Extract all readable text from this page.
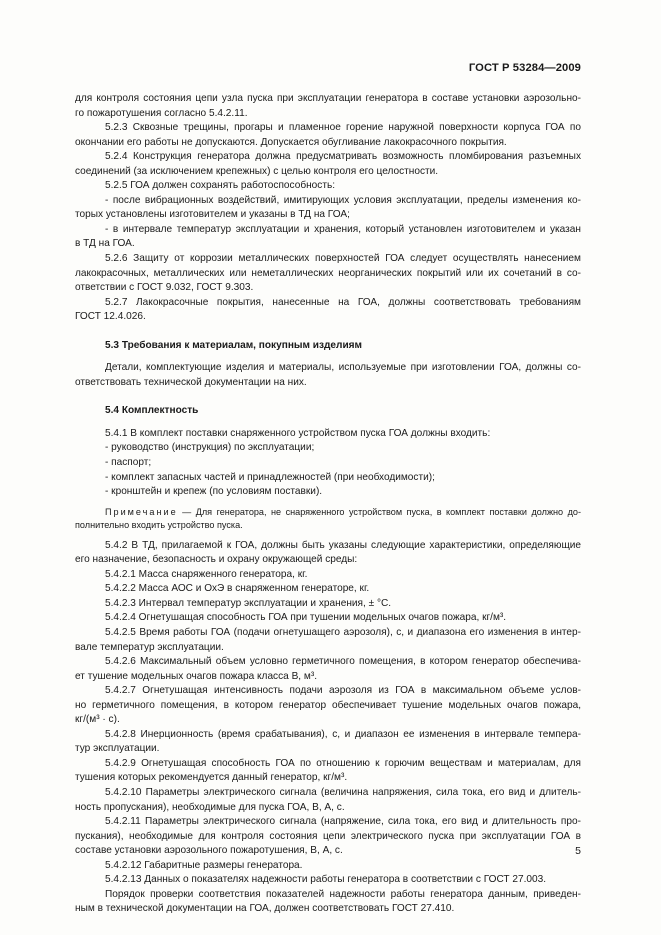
ГОСТ Р 53284—2009
для контроля состояния цепи узла пуска при эксплуатации генератора в составе установки аэрозольно-
го пожаротушения согласно 5.4.2.11.
5.2.3 Сквозные трещины, прогары и пламенное горение наружной поверхности корпуса ГОА по
окончании его работы не допускаются. Допускается обугливание лакокрасочного покрытия.
5.2.4 Конструкция генератора должна предусматривать возможность пломбирования разъемных
соединений (за исключением крепежных) с целью контроля его целостности.
5.2.5 ГОА должен сохранять работоспособность:
- после вибрационных воздействий, имитирующих условия эксплуатации, пределы изменения ко-
торых установлены изготовителем и указаны в ТД на ГОА;
- в интервале температур эксплуатации и хранения, который установлен изготовителем и указан
в ТД на ГОА.
5.2.6 Защиту от коррозии металлических поверхностей ГОА следует осуществлять нанесением
лакокрасочных, металлических или неметаллических неорганических покрытий или их сочетаний в со-
ответствии с ГОСТ 9.032, ГОСТ 9.303.
5.2.7 Лакокрасочные покрытия, нанесенные на ГОА, должны соответствовать требованиям
ГОСТ 12.4.026.
5.3 Требования к материалам, покупным изделиям
Детали, комплектующие изделия и материалы, используемые при изготовлении ГОА, должны со-
ответствовать технической документации на них.
5.4 Комплектность
5.4.1 В комплект поставки снаряженного устройством пуска ГОА должны входить:
- руководство (инструкция) по эксплуатации;
- паспорт;
- комплект запасных частей и принадлежностей (при необходимости);
- кронштейн и крепеж (по условиям поставки).
Примечание — Для генератора, не снаряженного устройством пуска, в комплект поставки должно до-
полнительно входить устройство пуска.
5.4.2 В ТД, прилагаемой к ГОА, должны быть указаны следующие характеристики, определяющие
его назначение, безопасность и охрану окружающей среды:
5.4.2.1 Масса снаряженного генератора, кг.
5.4.2.2 Масса АОС и ОхЭ в снаряженном генераторе, кг.
5.4.2.3 Интервал температур эксплуатации и хранения, ± °С.
5.4.2.4 Огнетушащая способность ГОА при тушении модельных очагов пожара, кг/м³.
5.4.2.5 Время работы ГОА (подачи огнетушащего аэрозоля), с, и диапазона его изменения в интер-
вале температур эксплуатации.
5.4.2.6 Максимальный объем условно герметичного помещения, в котором генератор обеспечива-
ет тушение модельных очагов пожара класса В, м³.
5.4.2.7 Огнетушащая интенсивность подачи аэрозоля из ГОА в максимальном объеме услов-
но герметичного помещения, в котором генератор обеспечивает тушение модельных очагов пожара,
кг/(м³ · с).
5.4.2.8 Инерционность (время срабатывания), с, и диапазон ее изменения в интервале темпера-
тур эксплуатации.
5.4.2.9 Огнетушащая способность ГОА по отношению к горючим веществам и материалам, для
тушения которых рекомендуется данный генератор, кг/м³.
5.4.2.10 Параметры электрического сигнала (величина напряжения, сила тока, его вид и длитель-
ность пропускания), необходимые для пуска ГОА, В, А, с.
5.4.2.11 Параметры электрического сигнала (напряжение, сила тока, его вид и длительность про-
пускания), необходимые для контроля состояния цепи электрического пуска при эксплуатации ГОА в
составе установки аэрозольного пожаротушения, В, А, с.
5.4.2.12 Габаритные размеры генератора.
5.4.2.13 Данных о показателях надежности работы генератора в соответствии с ГОСТ 27.003.
Порядок проверки соответствия показателей надежности работы генератора данным, приведен-
ным в технической документации на ГОА, должен соответствовать ГОСТ 27.410.
5
